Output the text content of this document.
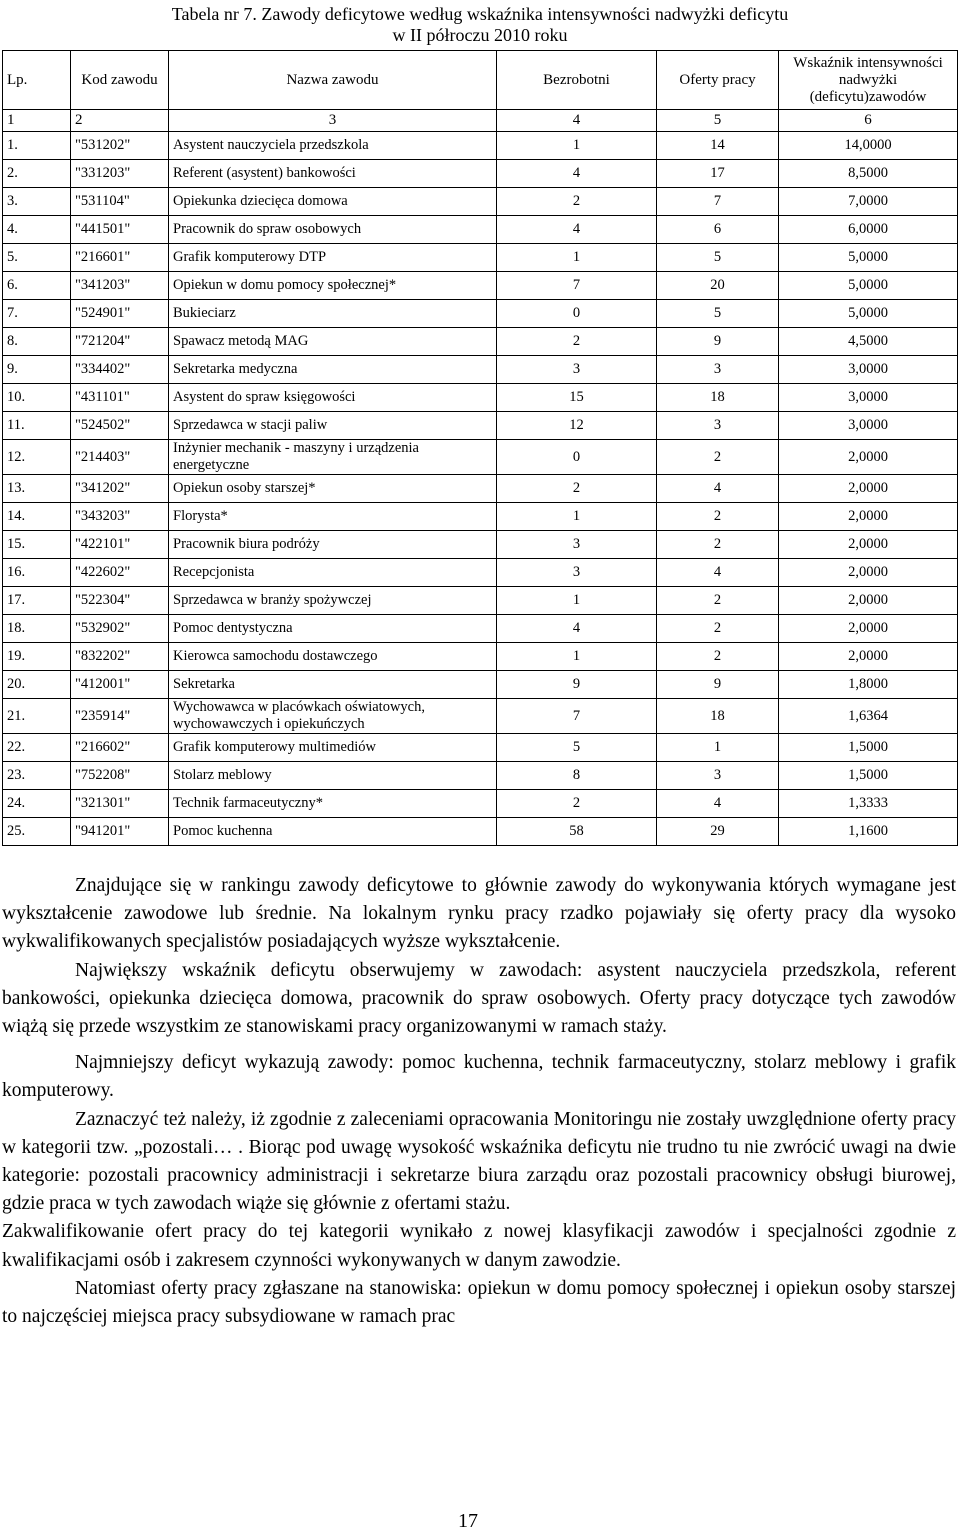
Tabela nr 7. Zawody deficytowe według wskaźnika intensywności nadwyżki deficytu
w II półroczu 2010 roku
Lp.	Kod zawodu	Nazwa zawodu	Bezrobotni	Oferty pracy	Wskaźnik intensywności nadwyżki (deficytu)zawodów
1	2	3	4	5	6
1.	"531202"	Asystent nauczyciela przedszkola	1	14	14,0000
2.	"331203"	Referent (asystent) bankowości	4	17	8,5000
3.	"531104"	Opiekunka dziecięca domowa	2	7	7,0000
4.	"441501"	Pracownik do spraw osobowych	4	6	6,0000
5.	"216601"	Grafik komputerowy DTP	1	5	5,0000
6.	"341203"	Opiekun w domu pomocy społecznej*	7	20	5,0000
7.	"524901"	Bukieciarz	0	5	5,0000
8.	"721204"	Spawacz metodą MAG	2	9	4,5000
9.	"334402"	Sekretarka medyczna	3	3	3,0000
10.	"431101"	Asystent do spraw księgowości	15	18	3,0000
11.	"524502"	Sprzedawca w stacji paliw	12	3	3,0000
12.	"214403"	Inżynier mechanik - maszyny i urządzenia energetyczne	0	2	2,0000
13.	"341202"	Opiekun osoby starszej*	2	4	2,0000
14.	"343203"	Florysta*	1	2	2,0000
15.	"422101"	Pracownik biura podróży	3	2	2,0000
16.	"422602"	Recepcjonista	3	4	2,0000
17.	"522304"	Sprzedawca w branży spożywczej	1	2	2,0000
18.	"532902"	Pomoc dentystyczna	4	2	2,0000
19.	"832202"	Kierowca samochodu dostawczego	1	2	2,0000
20.	"412001"	Sekretarka	9	9	1,8000
21.	"235914"	Wychowawca w placówkach oświatowych, wychowawczych i opiekuńczych	7	18	1,6364
22.	"216602"	Grafik komputerowy multimediów	5	1	1,5000
23.	"752208"	Stolarz meblowy	8	3	1,5000
24.	"321301"	Technik farmaceutyczny*	2	4	1,3333
25.	"941201"	Pomoc kuchenna	58	29	1,1600

Znajdujące się w rankingu zawody deficytowe to głównie zawody do wykonywania których wymagane jest wykształcenie zawodowe lub średnie. Na lokalnym rynku pracy rzadko pojawiały się oferty pracy dla wysoko wykwalifikowanych specjalistów posiadających wyższe wykształcenie.

Największy wskaźnik deficytu obserwujemy w zawodach: asystent nauczyciela przedszkola, referent bankowości, opiekunka dziecięca domowa, pracownik do spraw osobowych. Oferty pracy dotyczące tych zawodów wiążą się przede wszystkim ze stanowiskami pracy organizowanymi w ramach staży.

Najmniejszy deficyt wykazują zawody: pomoc kuchenna, technik farmaceutyczny, stolarz meblowy i grafik komputerowy.

Zaznaczyć też należy, iż zgodnie z zaleceniami opracowania Monitoringu nie zostały uwzględnione oferty pracy w kategorii tzw. „pozostali… . Biorąc pod uwagę wysokość wskaźnika deficytu nie trudno tu nie zwrócić uwagi na dwie kategorie: pozostali pracownicy administracji i sekretarze biura zarządu oraz pozostali pracownicy obsługi biurowej, gdzie praca w tych zawodach wiąże się głównie z ofertami stażu.

Zakwalifikowanie ofert pracy do tej kategorii wynikało z nowej klasyfikacji zawodów i specjalności zgodnie z kwalifikacjami osób i zakresem czynności wykonywanych w danym zawodzie.

Natomiast oferty pracy zgłaszane na stanowiska: opiekun w domu pomocy społecznej i opiekun osoby starszej to najczęściej miejsca pracy subsydiowane w ramach prac

17
